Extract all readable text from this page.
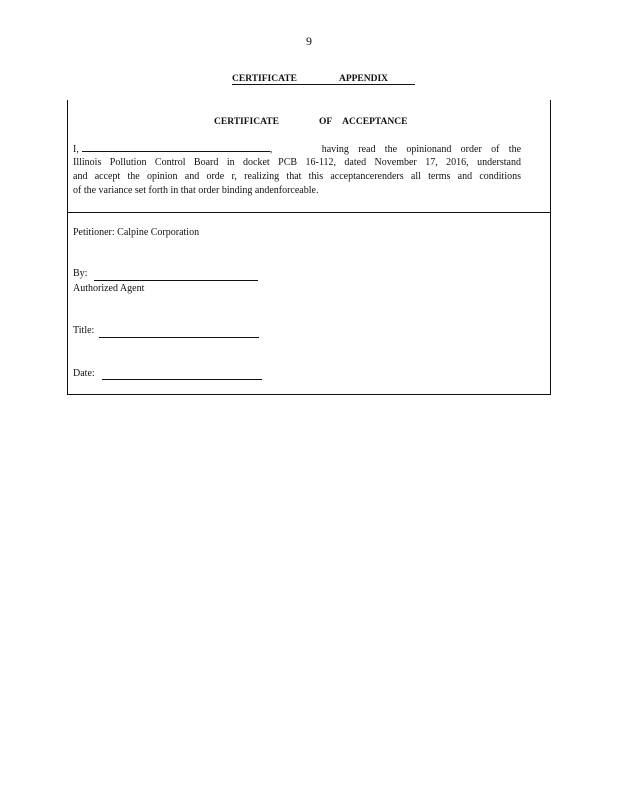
9
CERTIFICATE	APPENDIX
CERTIFICATE	OF ACCEPTANCE
I,	,	having read the opinionand order of the
Illinois Pollution Control Board in docket PCB 16-112, dated November 17, 2016, understand
and accept the opinion and orde r, realizing that this acceptancerenders all terms and conditions
of the variance set forth in that order binding andenforceable.
Petitioner: Calpine Corporation
By:
Authorized Agent
Title:
Date:
